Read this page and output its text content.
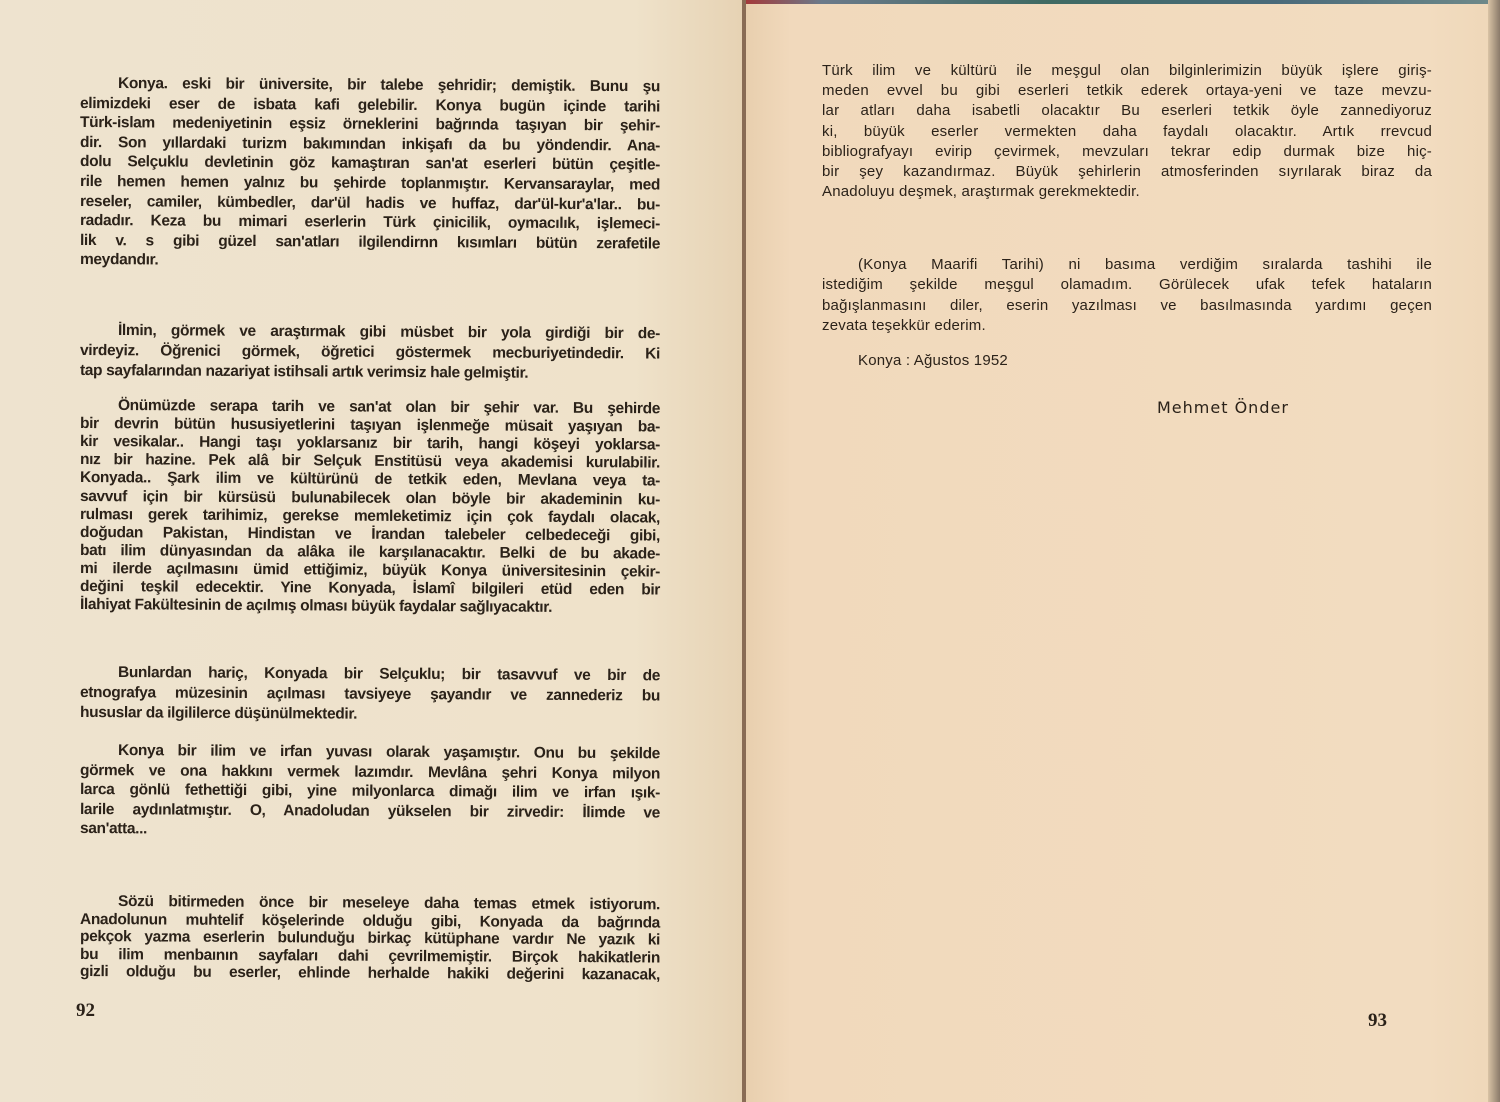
Konya. eski bir üniversite, bir talebe şehridir; demiştik. Bunu şu
elimizdeki eser de isbata kafi gelebilir. Konya bugün içinde tarihi
Türk-islam medeniyetinin eşsiz örneklerini bağrında taşıyan bir şehir-
dir. Son yıllardaki turizm bakımından inkişafı da bu yöndendir. Ana-
dolu Selçuklu devletinin göz kamaştıran san'at eserleri bütün çeşitle-
rile hemen hemen yalnız bu şehirde toplanmıştır. Kervansaraylar, med
reseler, camiler, kümbedler, dar'ül hadis ve huffaz, dar'ül-kur'a'lar.. bu-
radadır. Keza bu mimari eserlerin Türk çinicilik, oymacılık, işlemeci-
lik v. s gibi güzel san'atları ilgilendirnn kısımları bütün zerafetile
meydandır.
İlmin, görmek ve araştırmak gibi müsbet bir yola girdiği bir de-
virdeyiz. Öğrenici görmek, öğretici göstermek mecburiyetindedir. Ki
tap sayfalarından nazariyat istihsali artık verimsiz hale gelmiştir.
Önümüzde serapa tarih ve san'at olan bir şehir var. Bu şehirde
bir devrin bütün hususiyetlerini taşıyan işlenmeğe müsait yaşıyan ba-
kir vesikalar.. Hangi taşı yoklarsanız bir tarih, hangi köşeyi yoklarsa-
nız bir hazine. Pek alâ bir Selçuk Enstitüsü veya akademisi kurulabilir.
Konyada.. Şark ilim ve kültürünü de tetkik eden, Mevlana veya ta-
savvuf için bir kürsüsü bulunabilecek olan böyle bir akademinin ku-
rulması gerek tarihimiz, gerekse memleketimiz için çok faydalı olacak,
doğudan Pakistan, Hindistan ve İrandan talebeler celbedeceği gibi,
batı ilim dünyasından da alâka ile karşılanacaktır. Belki de bu akade-
mi ilerde açılmasını ümid ettiğimiz, büyük Konya üniversitesinin çekir-
değini teşkil edecektir. Yine Konyada, İslamî bilgileri etüd eden bir
İlahiyat Fakültesinin de açılmış olması büyük faydalar sağlıyacaktır.
Bunlardan hariç, Konyada bir Selçuklu; bir tasavvuf ve bir de
etnografya müzesinin açılması tavsiyeye şayandır ve zannederiz bu
hususlar da ilgililerce düşünülmektedir.
Konya bir ilim ve irfan yuvası olarak yaşamıştır. Onu bu şekilde
görmek ve ona hakkını vermek lazımdır. Mevlâna şehri Konya milyon
larca gönlü fethettiği gibi, yine milyonlarca dimağı ilim ve irfan ışık-
larile aydınlatmıştır. O, Anadoludan yükselen bir zirvedir: İlimde ve
san'atta...
Sözü bitirmeden önce bir meseleye daha temas etmek istiyorum.
Anadolunun muhtelif köşelerinde olduğu gibi, Konyada da bağrında
pekçok yazma eserlerin bulunduğu birkaç kütüphane vardır Ne yazık ki
bu ilim menbaının sayfaları dahi çevrilmemiştir. Birçok hakikatlerin
gizli olduğu bu eserler, ehlinde herhalde hakiki değerini kazanacak,
Türk ilim ve kültürü ile meşgul olan bilginlerimizin büyük işlere giriş-
meden evvel bu gibi eserleri tetkik ederek ortaya-yeni ve taze mevzu-
lar atları daha isabetli olacaktır Bu eserleri tetkik öyle zannediyoruz
ki, büyük eserler vermekten daha faydalı olacaktır. Artık rrevcud
bibliografyayı evirip çevirmek, mevzuları tekrar edip durmak bize hiç-
bir şey kazandırmaz. Büyük şehirlerin atmosferinden sıyrılarak biraz da
Anadoluyu deşmek, araştırmak gerekmektedir.
(Konya Maarifi Tarihi) ni basıma verdiğim sıralarda tashihi ile
istediğim şekilde meşgul olamadım. Görülecek ufak tefek hataların
bağışlanmasını diler, eserin yazılması ve basılmasında yardımı geçen
zevata teşekkür ederim.
92	93
Konya : Ağustos 1952
Mehmet Önder
